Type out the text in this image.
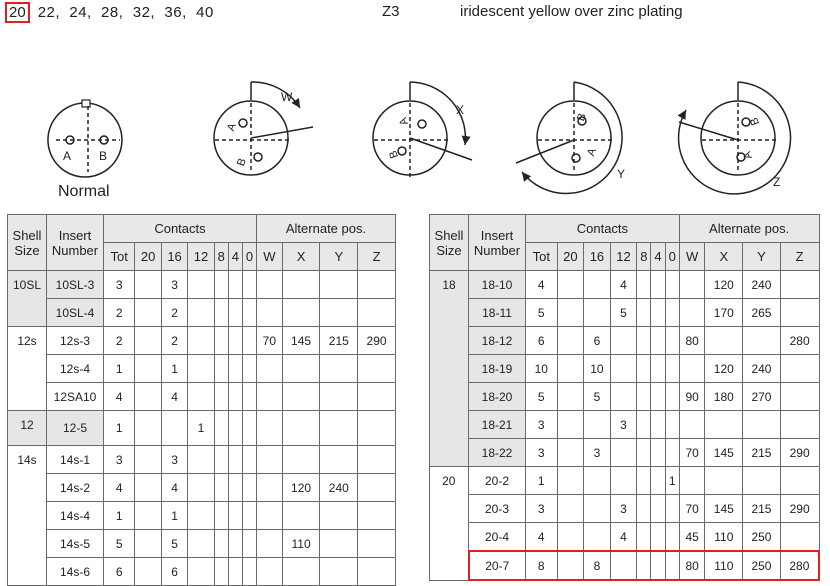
20 22,  24,  28,  32,  36,  40	Z3	iridescent yellow over zinc plating
A B
W
A
B
X
A
B
Y
B
A
Z
B
A
Normal
Shell
Size	Insert
Number	Contacts							Alternate pos.			
		Tot	20	16	12	8	4	0	W	X	Y	Z
10SL	10SL-3	3		3								
	10SL-4	2		2								
12s	12s-3	2		2					70	145	215	290
	12s-4	1		1								
	12SA10	4		4								
12	12-5	1			1							
14s	14s-1	3		3								
	14s-2	4		4						120	240	
	14s-4	1		1								
	14s-5	5		5						110		
	14s-6	6		6								
Shell
Size	Insert
Number	Contacts							Alternate pos.			
		Tot	20	16	12	8	4	0	W	X	Y	Z
18	18-10	4			4					120	240	
	18-11	5			5					170	265	
	18-12	6		6					80			280
	18-19	10		10						120	240	
	18-20	5		5					90	180	270	
	18-21	3			3							
	18-22	3		3					70	145	215	290
20	20-2	1						1				
	20-3	3			3				70	145	215	290
	20-4	4			4				45	110	250	
	20-7	8		8					80	110	250	280
